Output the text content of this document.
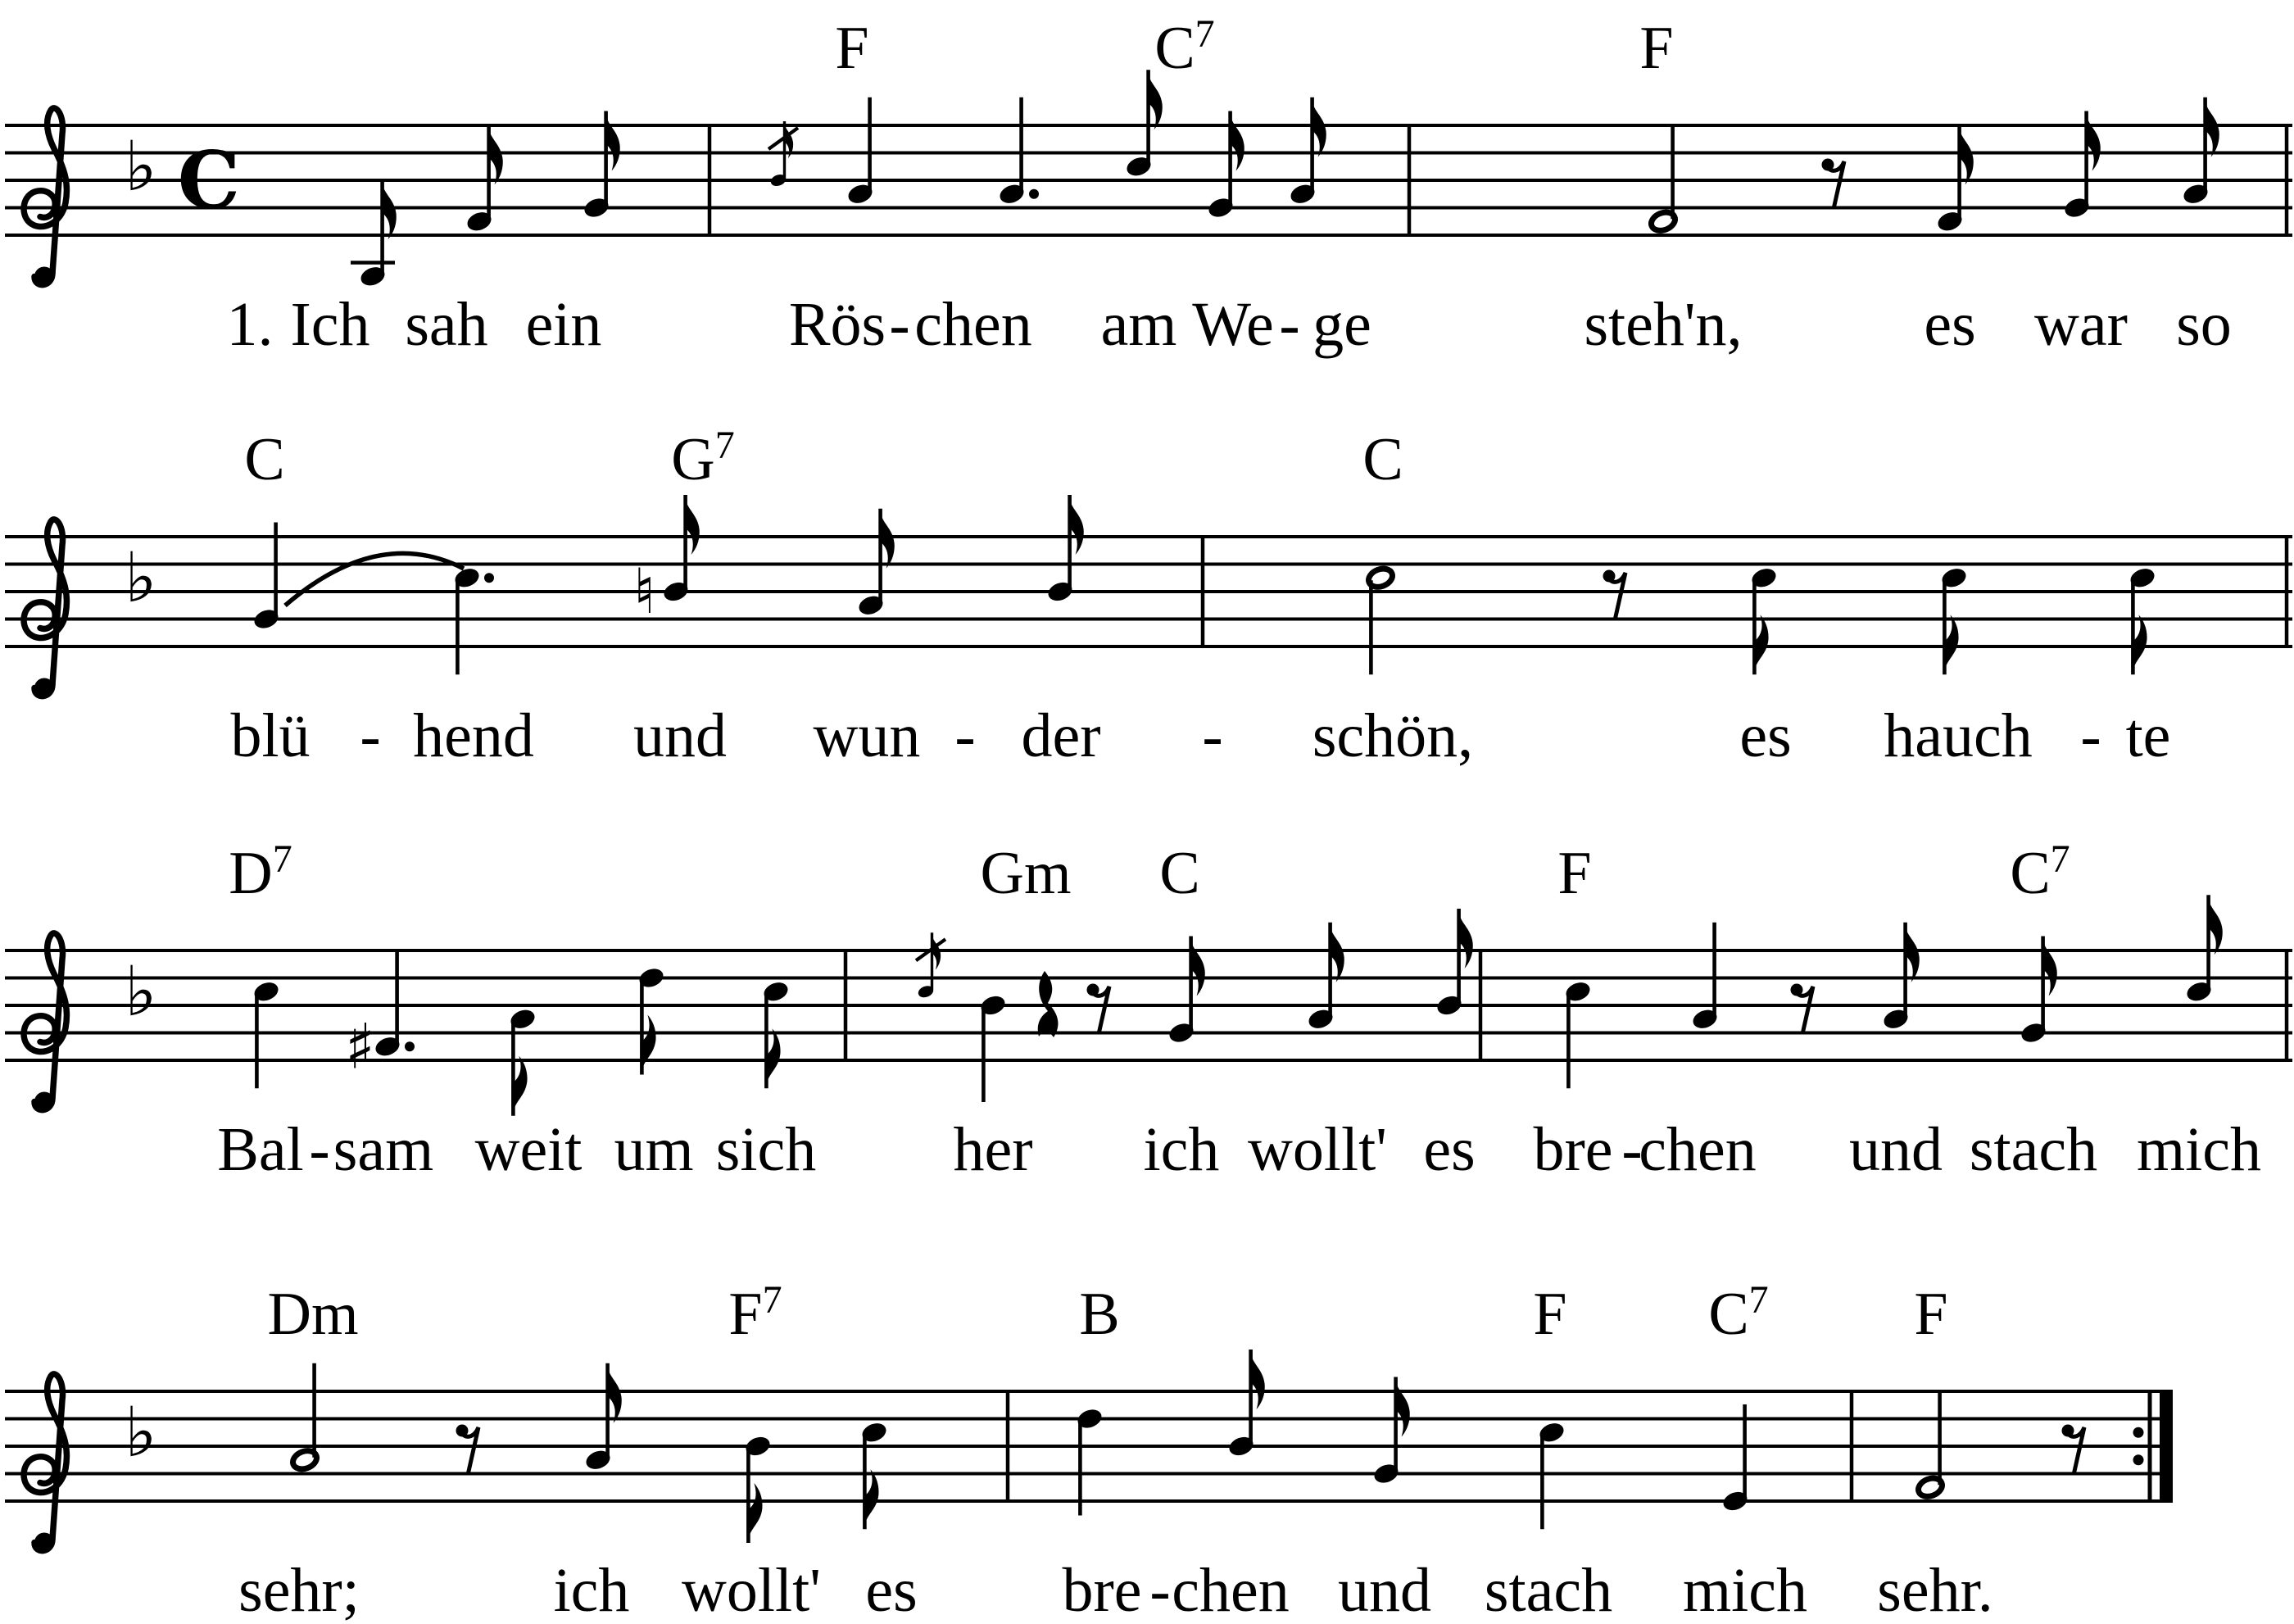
♭ C
F	$C^7$	F
1. Ich sah ein	Rös - chen am We - ge	steh'n,	es war so
♭	♮
C	$G^7$	C
blü - hend und wun - der - schön,	es hauch - te
♭
♯
$D^7$	Gm C	F	$C^7$
Bal - sam weit um sich her ich wollt' es bre -
chen und stach mich
♭
Dm	$F^7$	B	F $C^7$ F
sehr;	ich wollt' es bre - chen und stach mich sehr.
